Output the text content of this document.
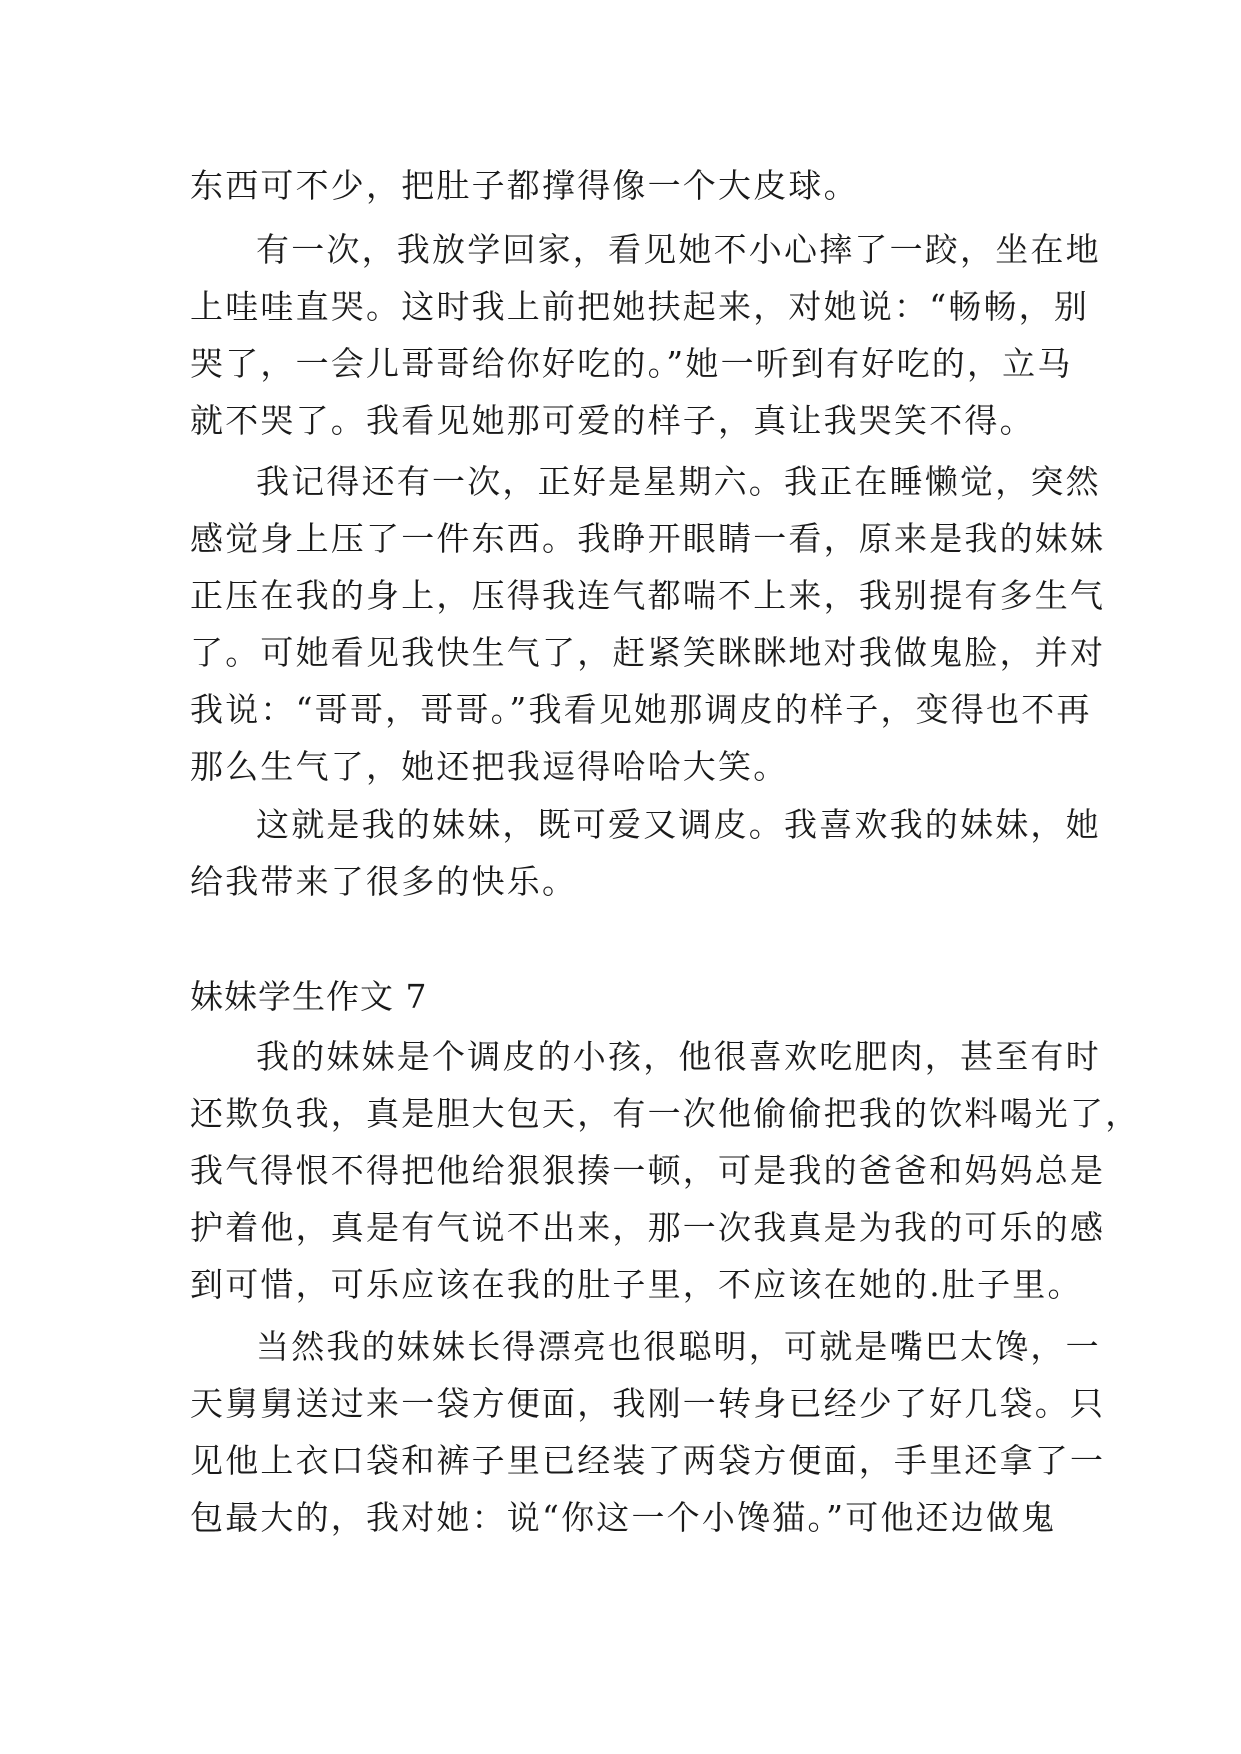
东西可不少，把肚子都撑得像一个大皮球。
有一次，我放学回家，看见她不小心摔了一跤，坐在地
上哇哇直哭。这时我上前把她扶起来，对她说：“畅畅，别
哭了，一会儿哥哥给你好吃的。”她一听到有好吃的，立马
就不哭了。我看见她那可爱的样子，真让我哭笑不得。
我记得还有一次，正好是星期六。我正在睡懒觉，突然
感觉身上压了一件东西。我睁开眼睛一看，原来是我的妹妹
正压在我的身上，压得我连气都喘不上来，我别提有多生气
了。可她看见我快生气了，赶紧笑眯眯地对我做鬼脸，并对
我说：“哥哥，哥哥。”我看见她那调皮的样子，变得也不再
那么生气了，她还把我逗得哈哈大笑。
这就是我的妹妹，既可爱又调皮。我喜欢我的妹妹，她
给我带来了很多的快乐。
妹妹学生作文 7
我的妹妹是个调皮的小孩，他很喜欢吃肥肉，甚至有时
还欺负我，真是胆大包天，有一次他偷偷把我的饮料喝光了，
我气得恨不得把他给狠狠揍一顿，可是我的爸爸和妈妈总是
护着他，真是有气说不出来，那一次我真是为我的可乐的感
到可惜，可乐应该在我的肚子里，不应该在她的.肚子里。
当然我的妹妹长得漂亮也很聪明，可就是嘴巴太馋，一
天舅舅送过来一袋方便面，我刚一转身已经少了好几袋。只
见他上衣口袋和裤子里已经装了两袋方便面，手里还拿了一
包最大的，我对她：说“你这一个小馋猫。”可他还边做鬼
